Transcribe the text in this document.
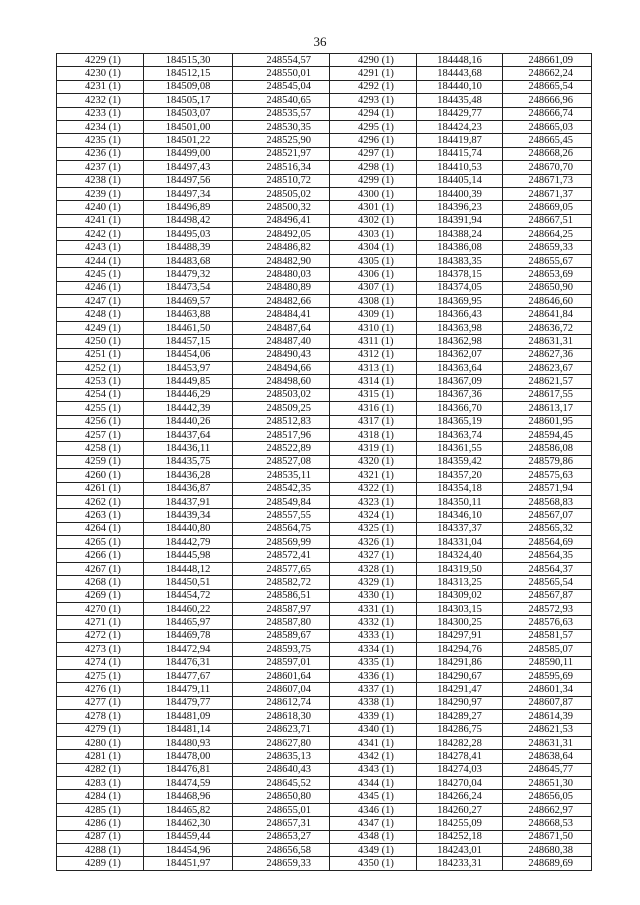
36
4229 (1)	184515,30	248554,57	4290 (1)	184448,16	248661,09
4230 (1)	184512,15	248550,01	4291 (1)	184443,68	248662,24
4231 (1)	184509,08	248545,04	4292 (1)	184440,10	248665,54
4232 (1)	184505,17	248540,65	4293 (1)	184435,48	248666,96
4233 (1)	184503,07	248535,57	4294 (1)	184429,77	248666,74
4234 (1)	184501,00	248530,35	4295 (1)	184424,23	248665,03
4235 (1)	184501,22	248525,90	4296 (1)	184419,87	248665,45
4236 (1)	184499,00	248521,97	4297 (1)	184415,74	248668,26
4237 (1)	184497,43	248516,34	4298 (1)	184410,53	248670,70
4238 (1)	184497,56	248510,72	4299 (1)	184405,14	248671,73
4239 (1)	184497,34	248505,02	4300 (1)	184400,39	248671,37
4240 (1)	184496,89	248500,32	4301 (1)	184396,23	248669,05
4241 (1)	184498,42	248496,41	4302 (1)	184391,94	248667,51
4242 (1)	184495,03	248492,05	4303 (1)	184388,24	248664,25
4243 (1)	184488,39	248486,82	4304 (1)	184386,08	248659,33
4244 (1)	184483,68	248482,90	4305 (1)	184383,35	248655,67
4245 (1)	184479,32	248480,03	4306 (1)	184378,15	248653,69
4246 (1)	184473,54	248480,89	4307 (1)	184374,05	248650,90
4247 (1)	184469,57	248482,66	4308 (1)	184369,95	248646,60
4248 (1)	184463,88	248484,41	4309 (1)	184366,43	248641,84
4249 (1)	184461,50	248487,64	4310 (1)	184363,98	248636,72
4250 (1)	184457,15	248487,40	4311 (1)	184362,98	248631,31
4251 (1)	184454,06	248490,43	4312 (1)	184362,07	248627,36
4252 (1)	184453,97	248494,66	4313 (1)	184363,64	248623,67
4253 (1)	184449,85	248498,60	4314 (1)	184367,09	248621,57
4254 (1)	184446,29	248503,02	4315 (1)	184367,36	248617,55
4255 (1)	184442,39	248509,25	4316 (1)	184366,70	248613,17
4256 (1)	184440,26	248512,83	4317 (1)	184365,19	248601,95
4257 (1)	184437,64	248517,96	4318 (1)	184363,74	248594,45
4258 (1)	184436,11	248522,89	4319 (1)	184361,55	248586,08
4259 (1)	184435,75	248527,08	4320 (1)	184359,42	248579,86
4260 (1)	184436,28	248535,11	4321 (1)	184357,20	248575,63
4261 (1)	184436,87	248542,35	4322 (1)	184354,18	248571,94
4262 (1)	184437,91	248549,84	4323 (1)	184350,11	248568,83
4263 (1)	184439,34	248557,55	4324 (1)	184346,10	248567,07
4264 (1)	184440,80	248564,75	4325 (1)	184337,37	248565,32
4265 (1)	184442,79	248569,99	4326 (1)	184331,04	248564,69
4266 (1)	184445,98	248572,41	4327 (1)	184324,40	248564,35
4267 (1)	184448,12	248577,65	4328 (1)	184319,50	248564,37
4268 (1)	184450,51	248582,72	4329 (1)	184313,25	248565,54
4269 (1)	184454,72	248586,51	4330 (1)	184309,02	248567,87
4270 (1)	184460,22	248587,97	4331 (1)	184303,15	248572,93
4271 (1)	184465,97	248587,80	4332 (1)	184300,25	248576,63
4272 (1)	184469,78	248589,67	4333 (1)	184297,91	248581,57
4273 (1)	184472,94	248593,75	4334 (1)	184294,76	248585,07
4274 (1)	184476,31	248597,01	4335 (1)	184291,86	248590,11
4275 (1)	184477,67	248601,64	4336 (1)	184290,67	248595,69
4276 (1)	184479,11	248607,04	4337 (1)	184291,47	248601,34
4277 (1)	184479,77	248612,74	4338 (1)	184290,97	248607,87
4278 (1)	184481,09	248618,30	4339 (1)	184289,27	248614,39
4279 (1)	184481,14	248623,71	4340 (1)	184286,75	248621,53
4280 (1)	184480,93	248627,80	4341 (1)	184282,28	248631,31
4281 (1)	184478,00	248635,13	4342 (1)	184278,41	248638,64
4282 (1)	184476,81	248640,43	4343 (1)	184274,03	248645,77
4283 (1)	184474,59	248645,52	4344 (1)	184270,04	248651,30
4284 (1)	184468,96	248650,80	4345 (1)	184266,24	248656,05
4285 (1)	184465,82	248655,01	4346 (1)	184260,27	248662,97
4286 (1)	184462,30	248657,31	4347 (1)	184255,09	248668,53
4287 (1)	184459,44	248653,27	4348 (1)	184252,18	248671,50
4288 (1)	184454,96	248656,58	4349 (1)	184243,01	248680,38
4289 (1)	184451,97	248659,33	4350 (1)	184233,31	248689,69
